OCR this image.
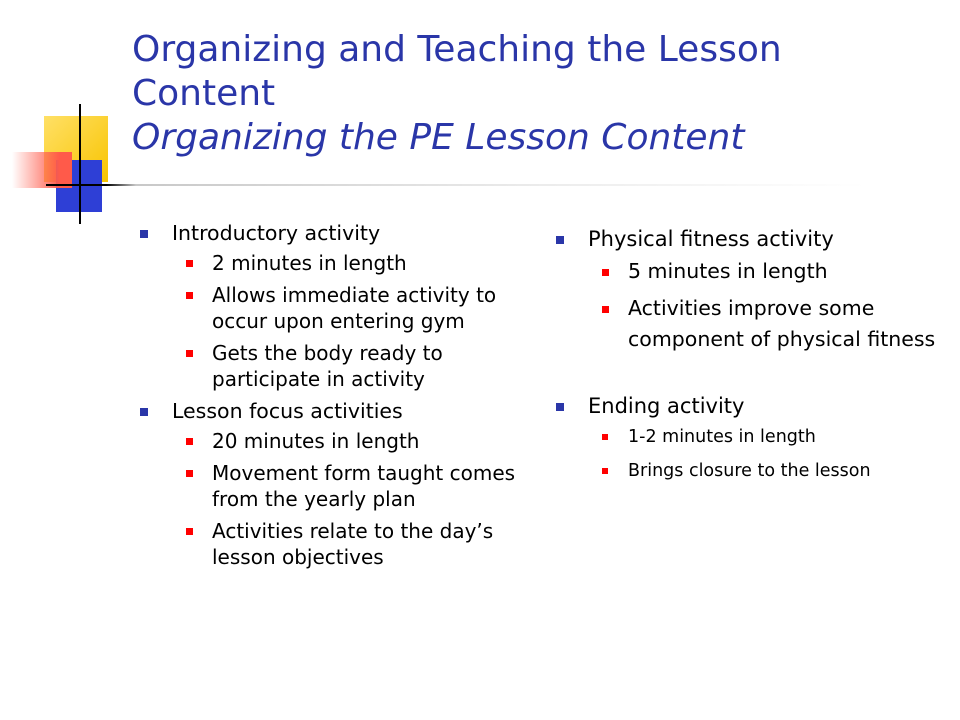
Organizing and Teaching the Lesson Content
Organizing the PE Lesson Content
Introductory activity
2 minutes in length
Allows immediate activity to occur upon entering gym
Gets the body ready to participate in activity
Lesson focus activities
20 minutes in length
Movement form taught comes from the yearly plan
Activities relate to the day’s lesson objectives
Physical fitness activity
5 minutes in length
Activities improve some component of physical fitness
Ending activity
1-2 minutes in length
Brings closure to the lesson
